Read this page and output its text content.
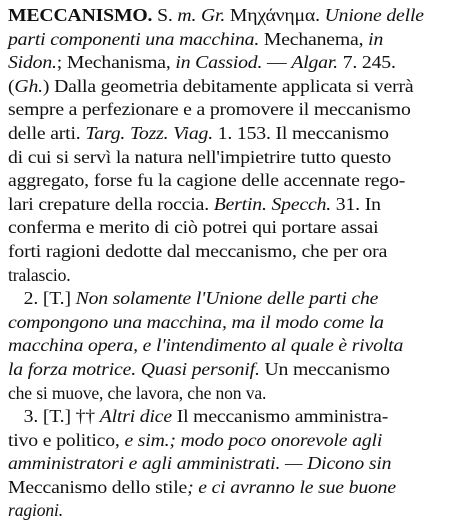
MECCANISMO. S. m. Gr. Μηχάνημα. Unione delle
parti componenti una macchina. Mechanema, in
Sidon.; Mechanisma, in Cassiod. — Algar. 7. 245.
(Gh.) Dalla geometria debitamente applicata si verrà
sempre a perfezionare e a promovere il meccanismo
delle arti. Targ. Tozz. Viag. 1. 153. Il meccanismo
di cui si servì la natura nell'impietrire tutto questo
aggregato, forse fu la cagione delle accennate rego-
lari crepature della roccia. Bertin. Specch. 31. In
conferma e merito di ciò potrei qui portare assai
forti ragioni dedotte dal meccanismo, che per ora
tralascio.
2. [T.] Non solamente l'Unione delle parti che
compongono una macchina, ma il modo come la
macchina opera, e l'intendimento al quale è rivolta
la forza motrice. Quasi personif. Un meccanismo
che si muove, che lavora, che non va.
3. [T.] †† Altri dice Il meccanismo amministra-
tivo e politico, e sim.; modo poco onorevole agli
amministratori e agli amministrati. — Dicono sin
Meccanismo dello stile; e ci avranno le sue buone
ragioni.
